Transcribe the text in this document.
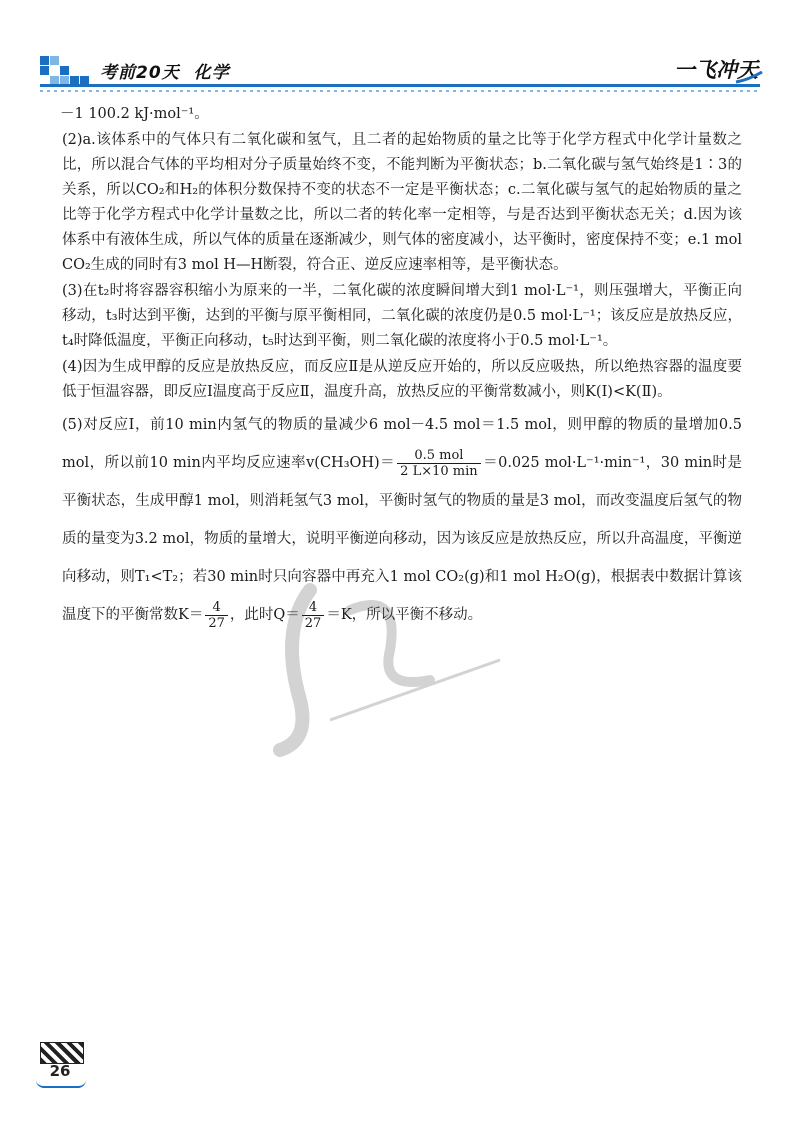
考前20天 化学	一飞冲天

－1 100.2 kJ·mol⁻¹。

(2)a.该体系中的气体只有二氧化碳和氢气，且二者的起始物质的量之比等于化学方程式中化学计量数之比，所以混合气体的平均相对分子质量始终不变，不能判断为平衡状态；b.二氧化碳与氢气始终是1∶3的关系，所以CO₂和H₂的体积分数保持不变的状态不一定是平衡状态；c.二氧化碳与氢气的起始物质的量之比等于化学方程式中化学计量数之比，所以二者的转化率一定相等，与是否达到平衡状态无关；d.因为该体系中有液体生成，所以气体的质量在逐渐减少，则气体的密度减小，达平衡时，密度保持不变；e.1 mol CO₂生成的同时有3 mol H—H断裂，符合正、逆反应速率相等，是平衡状态。

(3)在t₂时将容器容积缩小为原来的一半，二氧化碳的浓度瞬间增大到1 mol·L⁻¹，则压强增大，平衡正向移动，t₃时达到平衡，达到的平衡与原平衡相同，二氧化碳的浓度仍是0.5 mol·L⁻¹；该反应是放热反应，t₄时降低温度，平衡正向移动，t₅时达到平衡，则二氧化碳的浓度将小于0.5 mol·L⁻¹。

(4)因为生成甲醇的反应是放热反应，而反应Ⅱ是从逆反应开始的，所以反应吸热，所以绝热容器的温度要低于恒温容器，即反应Ⅰ温度高于反应Ⅱ，温度升高，放热反应的平衡常数减小，则K(Ⅰ)<K(Ⅱ)。

(5)对反应Ⅰ，前10 min内氢气的物质的量减少6 mol－4.5 mol＝1.5 mol，则甲醇的物质的量增加0.5 mol，所以前10 min内平均反应速率$v(CH_3OH)= \frac{\text{0.5 mol}}{2 L\times 10 \min} =0.025$ mol·L⁻¹·min⁻¹，30 min时是平衡状态，生成甲醇1 mol，则消耗氢气3 mol，平衡时氢气的物质的量是3 mol，而改变温度后氢气的物质的量变为3.2 mol，物质的量增大，说明平衡逆向移动，因为该反应是放热反应，所以升高温度，平衡逆向移动，则T₁<T₂；若30 min时只向容器中再充入1 mol CO₂(g)和1 mol H₂O(g)，根据表中数据计算该温度下的平衡常数$K= \frac{4}{27}$ ，此时$Q= \frac{4}{27} =K$，所以平衡不移动。

26
